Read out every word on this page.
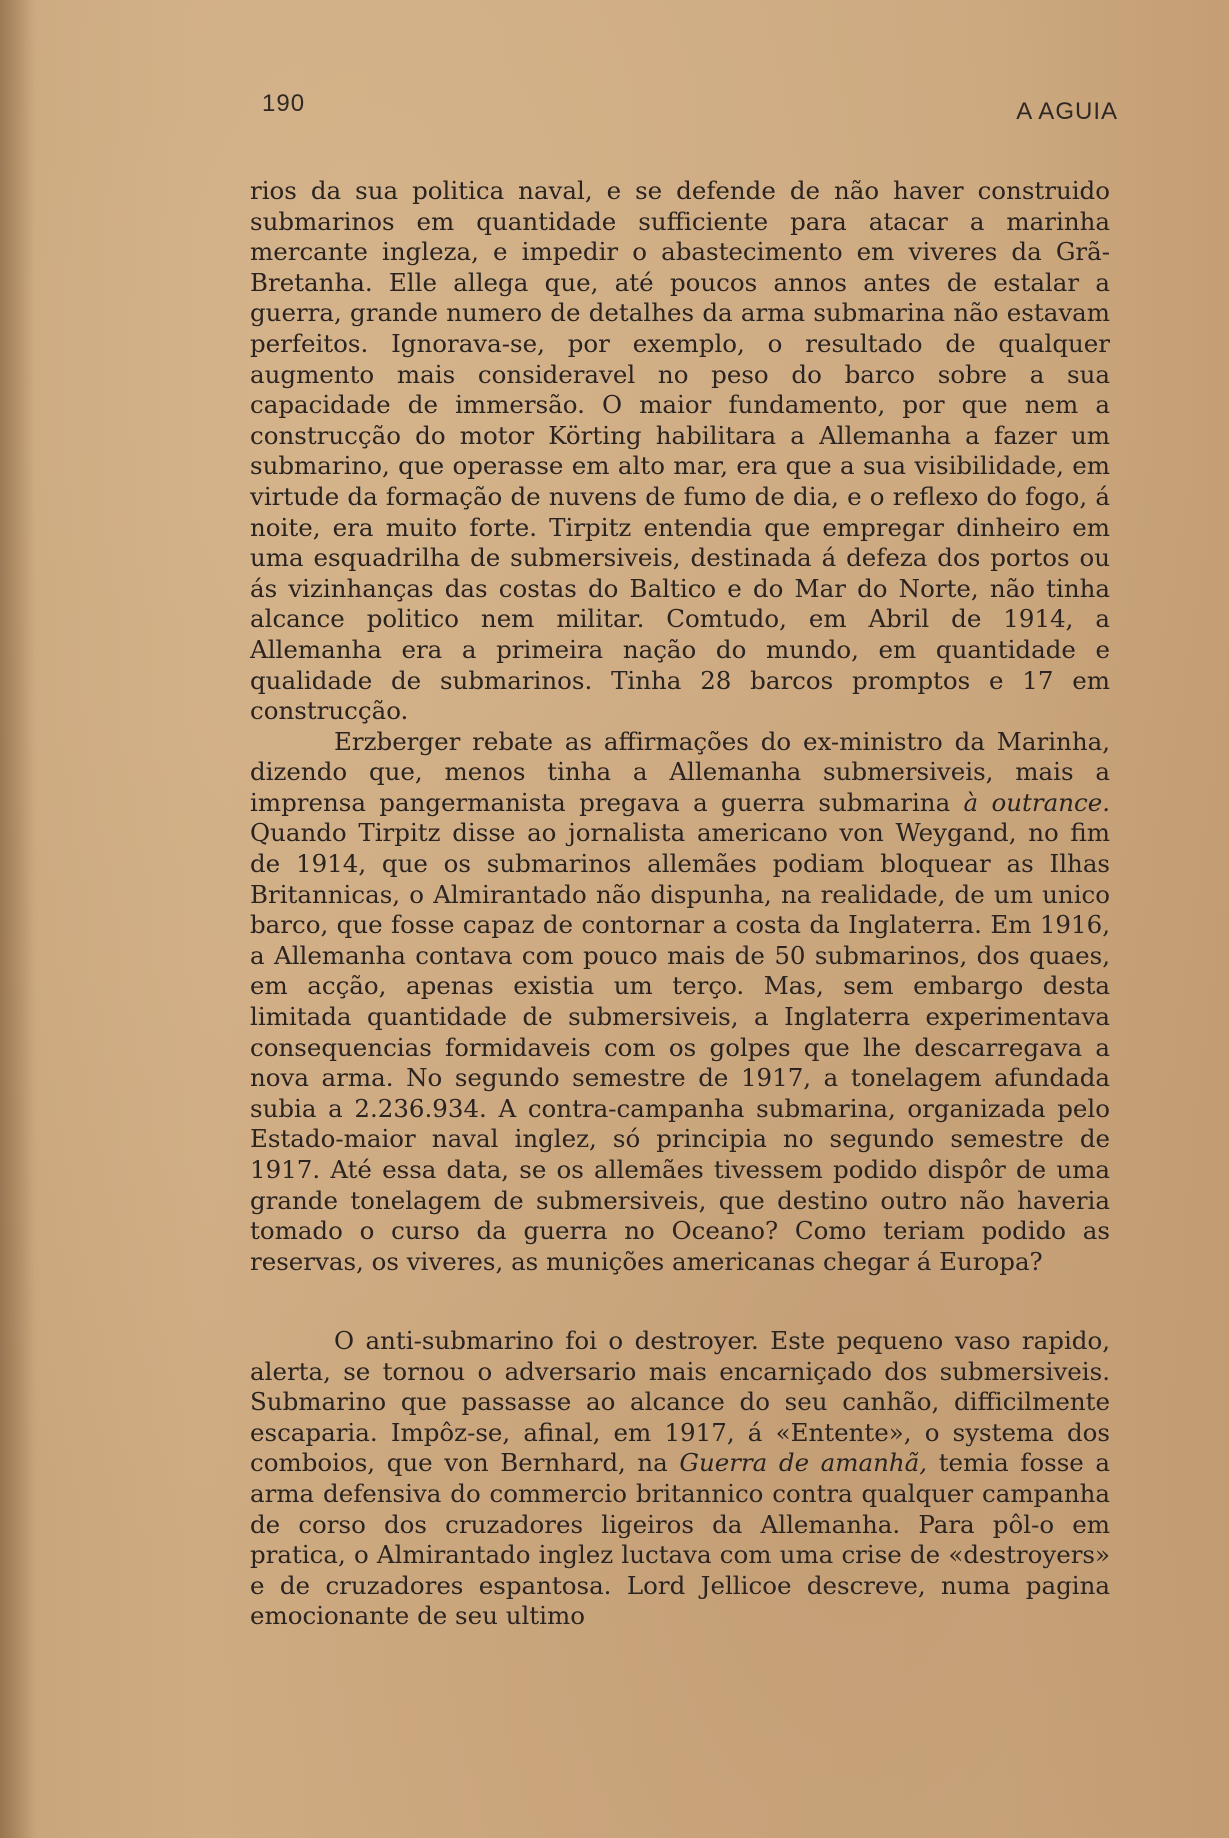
190	A AGUIA

rios da sua politica naval, e se defende de não haver construido submarinos em quantidade sufficiente para atacar a marinha mercante ingleza, e impedir o abastecimento em viveres da Grã-Bretanha. Elle allega que, até poucos annos antes de estalar a guerra, grande numero de detalhes da arma submarina não estavam perfeitos. Ignorava-se, por exemplo, o resultado de qualquer augmento mais consideravel no peso do barco sobre a sua capacidade de immersão. O maior fundamento, por que nem a construcção do motor Körting habilitara a Allemanha a fazer um submarino, que operasse em alto mar, era que a sua visibilidade, em virtude da formação de nuvens de fumo de dia, e o reflexo do fogo, á noite, era muito forte. Tirpitz entendia que empregar dinheiro em uma esquadrilha de submersiveis, destinada á defeza dos portos ou ás vizinhanças das costas do Baltico e do Mar do Norte, não tinha alcance politico nem militar. Comtudo, em Abril de 1914, a Allemanha era a primeira nação do mundo, em quantidade e qualidade de submarinos. Tinha 28 barcos promptos e 17 em construcção.

Erzberger rebate as affirmações do ex-ministro da Marinha, dizendo que, menos tinha a Allemanha submersiveis, mais a imprensa pangermanista pregava a guerra submarina à outrance. Quando Tirpitz disse ao jornalista americano von Weygand, no fim de 1914, que os submarinos allemães podiam bloquear as Ilhas Britannicas, o Almirantado não dispunha, na realidade, de um unico barco, que fosse capaz de contornar a costa da Inglaterra. Em 1916, a Allemanha contava com pouco mais de 50 submarinos, dos quaes, em acção, apenas existia um terço. Mas, sem embargo desta limitada quantidade de submersiveis, a Inglaterra experimentava consequencias formidaveis com os golpes que lhe descarregava a nova arma. No segundo semestre de 1917, a tonelagem afundada subia a 2.236.934. A contra-campanha submarina, organizada pelo Estado-maior naval inglez, só principia no segundo semestre de 1917. Até essa data, se os allemães tivessem podido dispôr de uma grande tonelagem de submersiveis, que destino outro não haveria tomado o curso da guerra no Oceano? Como teriam podido as reservas, os viveres, as munições americanas chegar á Europa?

O anti-submarino foi o destroyer. Este pequeno vaso rapido, alerta, se tornou o adversario mais encarniçado dos submersiveis. Submarino que passasse ao alcance do seu canhão, difficilmente escaparia. Impôz-se, afinal, em 1917, á «Entente», o systema dos comboios, que von Bernhard, na Guerra de amanhã, temia fosse a arma defensiva do commercio britannico contra qualquer campanha de corso dos cruzadores ligeiros da Allemanha. Para pôl-o em pratica, o Almirantado inglez luctava com uma crise de «destroyers» e de cruzadores espantosa. Lord Jellicoe descreve, numa pagina emocionante de seu ultimo
